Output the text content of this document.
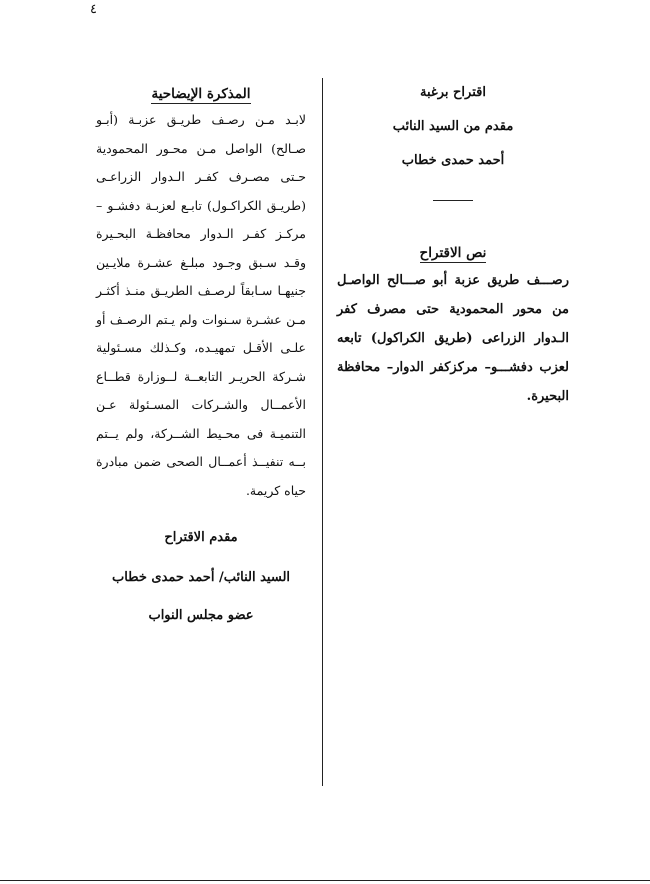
٤

اقتراح برغبة

مقدم من السيد النائب

أحمد حمدى خطاب

نص الاقتراح

رصـــف طريق عزبة أبو صـــالح الواصـل من محور المحمودية حتى مصرف كفر الـدوار الزراعى (طريق الكراكول) تابعه لعزب دفشـــو– مركزكفر الدوار– محافظة البحيرة.

المذكرة الإيضاحية

لابـد مـن رصـف طريـق عزبـة (أبـو صـالح) الواصل مـن محـور المحمودية حـتى مصـرف كفـر الـدوار الزراعـى (طريـق الكراكـول) تابـع لعزبـة دفشـو – مركـز كفـر الـدوار محافظـة البحـيرة وقـد سـبق وجـود مبلـغ عشـرة ملايـين جنيهـا سـابقاً لرصـف الطريـق منـذ أكثـر مـن عشـرة سـنوات ولم يـتم الرصـف أو علـى الأقـل تمهيـده، وكـذلك مسـئولية شـركة الحريـر التابعــة لــوزارة قطــاع الأعمــال والشـركات المسـئولة عـن التنميـة فى محـيط الشــركة، ولم يــتم بــه تنفيــذ أعمــال الصحى ضمن مبادرة حياه كريمة.

مقدم الاقتراح

السيد النائب/ أحمد حمدى خطاب

عضو مجلس النواب
